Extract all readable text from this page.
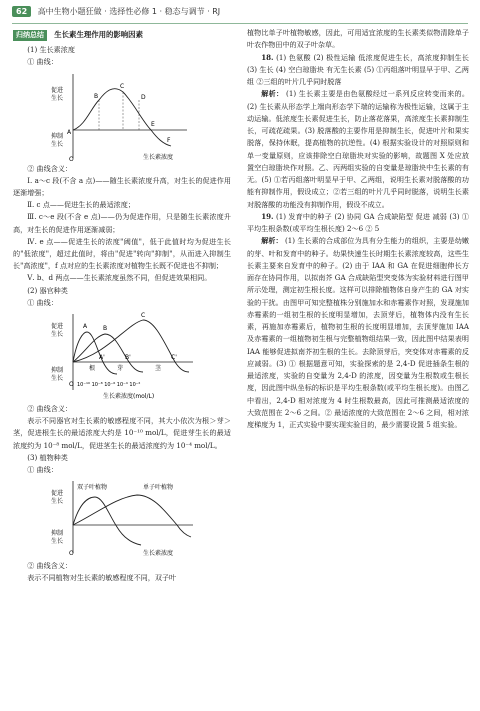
62 高中生物小题狂做 · 选择性必修 1 · 稳态与调节 · RJ
归纳总结 生长素生理作用的影响因素

(1) 生长素浓度

① 曲线：

促进
生长
抑制
生长
B
C
D
A
E
F
O	生长素浓度

② 曲线含义：

Ⅰ. a～c 段(不含 a 点)——随生长素浓度升高，对生长的促进作用逐渐增强；

Ⅱ. c 点——促进生长的最适浓度；

Ⅲ. c～e 段(不含 e 点)——仍为促进作用，只是随生长素浓度升高，对生长的促进作用逐渐减弱；

Ⅳ. e 点——促进生长的浓度"阈值"，低于此值时均为促进生长的"低浓度"，超过此值时，将由"促进"转向"抑制"，从而进入抑制生长"高浓度"，f 点对应的生长素浓度对植物生长既不促进也不抑制；

Ⅴ. b、d 两点——生长素浓度虽然不同，但促进效果相同。

(2) 器官种类

① 曲线：

促进
生长
抑制
生长
A	B
C
A'	B'	C'
根	芽	茎
O 10⁻¹⁰ 10⁻⁸ 10⁻⁶ 10⁻⁴ 10⁻²
生长素浓度(mol/L)

② 曲线含义：

表示不同器官对生长素的敏感程度不同，其大小依次为根＞芽＞茎，促进根生长的最适浓度大约是 10⁻¹⁰ mol/L，促进芽生长的最适浓度约为 10⁻⁸ mol/L，促进茎生长的最适浓度约为 10⁻⁴ mol/L。

(3) 植物种类

① 曲线：

促进
生长
抑制
生长
双子叶植物	单子叶植物
O	生长素浓度

② 曲线含义：

表示不同植物对生长素的敏感程度不同，双子叶

植物比单子叶植物敏感，因此，可用适宜浓度的生长素类似物清除单子叶农作物田中的双子叶杂草。

18. (1) 色氨酸 (2) 极性运输 低浓度促进生长，高浓度抑制生长 (3) 生长 (4) 空白琼脂块 有无生长素 (5) ①丙组落叶明显早于甲、乙两组 ②三组的叶片几乎同时脱落

解析： (1) 生长素主要是由色氨酸经过一系列反应转变而来的。(2) 生长素从形态学上端向形态学下端的运输称为极性运输，这属于主动运输。低浓度生长素促进生长，防止落花落果，高浓度生长素抑制生长，可疏花疏果。(3) 脱落酸的主要作用是抑制生长，促进叶片和果实脱落，保持休眠，提高植物的抗逆性。(4) 根据实验设计的对照原则和单一变量原则，应该排除空白琼脂块对实验的影响，故题图 X 处应放置空白琼脂块作对照。乙、丙两组实验的自变量是琼脂块中生长素的有无。(5) ①若丙组落叶明显早于甲、乙两组，说明生长素对脱落酸的功能有抑制作用，假设成立；②若三组的叶片几乎同时脱落，说明生长素对脱落酸的功能没有抑制作用，假设不成立。

19. (1) 发育中的种子 (2) 协同 GA 合成缺陷型 促进 减弱 (3) ① 平均生根条数(或平均生根长度) 2～6 ② 5

解析： (1) 生长素的合成部位为具有分生能力的组织，主要是幼嫩的芽、叶和发育中的种子。幼果快速生长时期生长素浓度较高，这些生长素主要来自发育中的种子。(2) 由于 IAA 和 GA 在促进细胞伸长方面存在协同作用，以拟南芥 GA 合成缺陷型突变体为实验材料进行图甲所示处理，测定初生根长度。这样可以排除植物体自身产生的 GA 对实验的干扰。由图甲可知完整植株分别施加水和赤霉素作对照，发现施加赤霉素的一组初生根的长度明显增加，去顶芽后，植物体内没有生长素，再施加赤霉素后，植物初生根的长度明显增加，去顶芽施加 IAA 及赤霉素的一组植物初生根与完整植物组结果一致，因此图中结果表明 IAA 能够促进拟南芥初生根的生长。去除顶芽后，突变体对赤霉素的反应减弱。(3) ① 根据题意可知，实验探索的是 2,4-D 促进插条生根的最适浓度，实验的自变量为 2,4-D 的浓度，因变量为生根数或生根长度，因此图中纵坐标的标识是平均生根条数(或平均生根长度)。由图乙中看出，2,4-D 相对浓度为 4 时生根数最高，因此可推测最适浓度的大致范围在 2～6 之间。② 最适浓度的大致范围在 2～6 之间，相对浓度梯度为 1，正式实验中要实现实验目的，最少需要设置 5 组实验。
